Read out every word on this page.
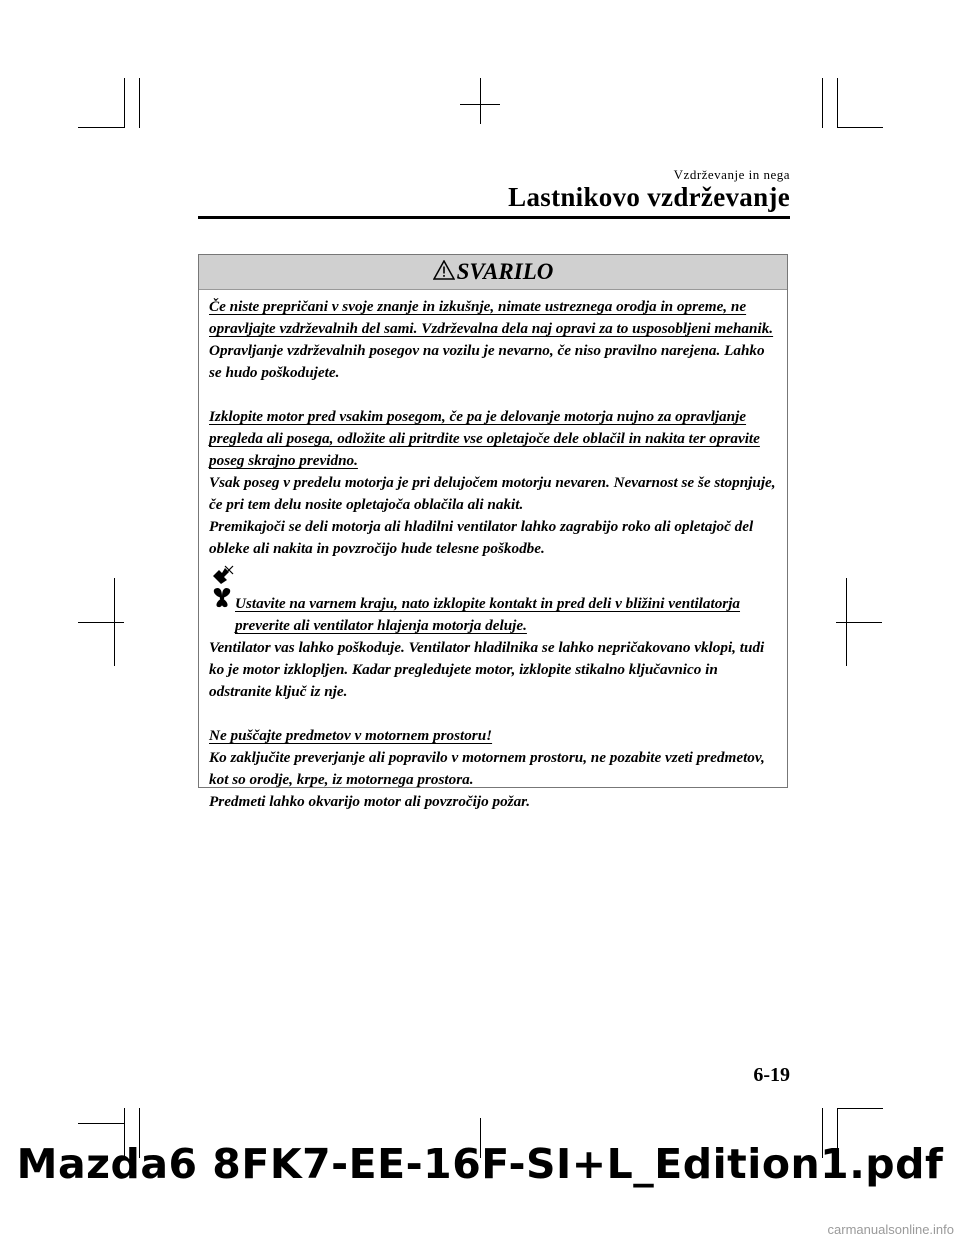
Vzdrževanje in nega
Lastnikovo vzdrževanje
SVARILO

Če niste prepričani v svoje znanje in izkušnje, nimate ustreznega orodja in opreme, ne opravljajte vzdrževalnih del sami. Vzdrževalna dela naj opravi za to usposobljeni mehanik.

Opravljanje vzdrževalnih posegov na vozilu je nevarno, če niso pravilno narejena. Lahko se hudo poškodujete.

Izklopite motor pred vsakim posegom, če pa je delovanje motorja nujno za opravljanje pregleda ali posega, odložite ali pritrdite vse opletajoče dele oblačil in nakita ter opravite poseg skrajno previdno.

Vsak poseg v predelu motorja je pri delujočem motorju nevaren. Nevarnost se še stopnjuje, če pri tem delu nosite opletajoča oblačila ali nakit.

Premikajoči se deli motorja ali hladilni ventilator lahko zagrabijo roko ali opletajoč del obleke ali nakita in povzročijo hude telesne poškodbe.

Ustavite na varnem kraju, nato izklopite kontakt in pred deli v bližini ventilatorja preverite ali ventilator hlajenja motorja deluje.

Ventilator vas lahko poškoduje. Ventilator hladilnika se lahko nepričakovano vklopi, tudi ko je motor izklopljen. Kadar pregledujete motor, izklopite stikalno ključavnico in odstranite ključ iz nje.

Ne puščajte predmetov v motornem prostoru!

Ko zaključite preverjanje ali popravilo v motornem prostoru, ne pozabite vzeti predmetov, kot so orodje, krpe, iz motornega prostora.

Predmeti lahko okvarijo motor ali povzročijo požar.

6-19
Mazda6 8FK7-EE-16F-SI+L_Edition1.pdf
carmanualsonline.info
